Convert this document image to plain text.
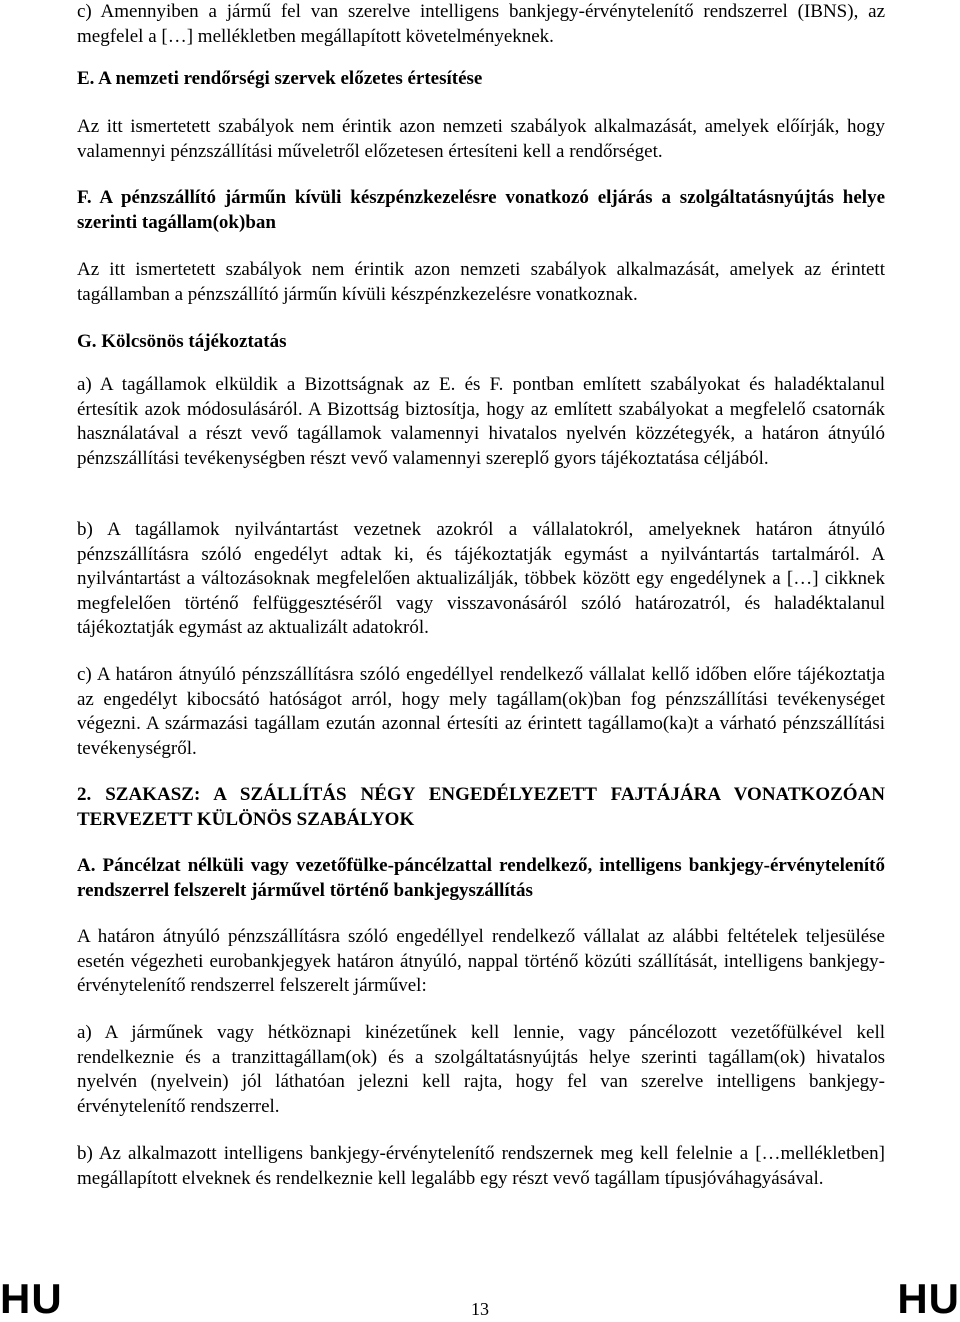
c) Amennyiben a jármű fel van szerelve intelligens bankjegy-érvénytelenítő rendszerrel (IBNS), az megfelel a […] mellékletben megállapított követelményeknek.

E. A nemzeti rendőrségi szervek előzetes értesítése

Az itt ismertetett szabályok nem érintik azon nemzeti szabályok alkalmazását, amelyek előírják, hogy valamennyi pénzszállítási műveletről előzetesen értesíteni kell a rendőrséget.

F. A pénzszállító járműn kívüli készpénzkezelésre vonatkozó eljárás a szolgáltatásnyújtás helye szerinti tagállam(ok)ban

Az itt ismertetett szabályok nem érintik azon nemzeti szabályok alkalmazását, amelyek az érintett tagállamban a pénzszállító járműn kívüli készpénzkezelésre vonatkoznak.

G. Kölcsönös tájékoztatás

a) A tagállamok elküldik a Bizottságnak az E. és F. pontban említett szabályokat és haladéktalanul értesítik azok módosulásáról. A Bizottság biztosítja, hogy az említett szabályokat a megfelelő csatornák használatával a részt vevő tagállamok valamennyi hivatalos nyelvén közzétegyék, a határon átnyúló pénzszállítási tevékenységben részt vevő valamennyi szereplő gyors tájékoztatása céljából.

b) A tagállamok nyilvántartást vezetnek azokról a vállalatokról, amelyeknek határon átnyúló pénzszállításra szóló engedélyt adtak ki, és tájékoztatják egymást a nyilvántartás tartalmáról. A nyilvántartást a változásoknak megfelelően aktualizálják, többek között egy engedélynek a […] cikknek megfelelően történő felfüggesztéséről vagy visszavonásáról szóló határozatról, és haladéktalanul tájékoztatják egymást az aktualizált adatokról.

c) A határon átnyúló pénzszállításra szóló engedéllyel rendelkező vállalat kellő időben előre tájékoztatja az engedélyt kibocsátó hatóságot arról, hogy mely tagállam(ok)ban fog pénzszállítási tevékenységet végezni. A származási tagállam ezután azonnal értesíti az érintett tagállamo(ka)t a várható pénzszállítási tevékenységről.

2. SZAKASZ: A SZÁLLÍTÁS NÉGY ENGEDÉLYEZETT FAJTÁJÁRA VONATKOZÓAN TERVEZETT KÜLÖNÖS SZABÁLYOK
A. Páncélzat nélküli vagy vezetőfülke-páncélzattal rendelkező, intelligens bankjegy-érvénytelenítő rendszerrel felszerelt járművel történő bankjegyszállítás

A határon átnyúló pénzszállításra szóló engedéllyel rendelkező vállalat az alábbi feltételek teljesülése esetén végezheti eurobankjegyek határon átnyúló, nappal történő közúti szállítását, intelligens bankjegy-érvénytelenítő rendszerrel felszerelt járművel:

a) A járműnek vagy hétköznapi kinézetűnek kell lennie, vagy páncélozott vezetőfülkével kell rendelkeznie és a tranzittagállam(ok) és a szolgáltatásnyújtás helye szerinti tagállam(ok) hivatalos nyelvén (nyelvein) jól láthatóan jelezni kell rajta, hogy fel van szerelve intelligens bankjegy-érvénytelenítő rendszerrel.

b) Az alkalmazott intelligens bankjegy-érvénytelenítő rendszernek meg kell felelnie a […mellékletben] megállapított elveknek és rendelkeznie kell legalább egy részt vevő tagállam típusjóváhagyásával.

HU	13	HU
